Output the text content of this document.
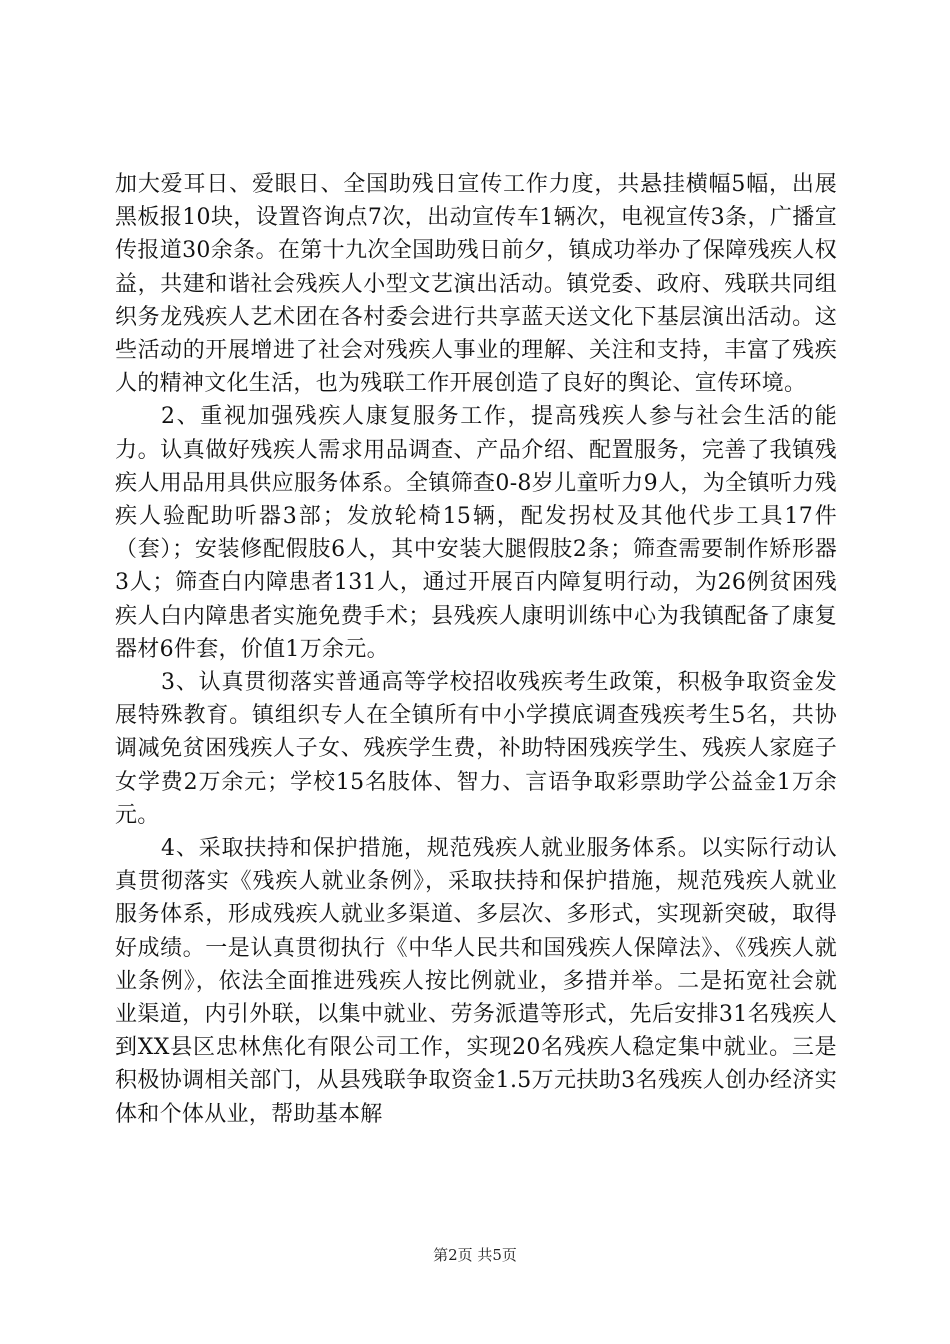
加大爱耳日、爱眼日、全国助残日宣传工作力度，共悬挂横幅5幅，出展黑板报10块，设置咨询点7次，出动宣传车1辆次，电视宣传3条，广播宣传报道30余条。在第十九次全国助残日前夕，镇成功举办了保障残疾人权益，共建和谐社会残疾人小型文艺演出活动。镇党委、政府、残联共同组织务龙残疾人艺术团在各村委会进行共享蓝天送文化下基层演出活动。这些活动的开展增进了社会对残疾人事业的理解、关注和支持，丰富了残疾人的精神文化生活，也为残联工作开展创造了良好的舆论、宣传环境。

2、重视加强残疾人康复服务工作，提高残疾人参与社会生活的能力。认真做好残疾人需求用品调查、产品介绍、配置服务，完善了我镇残疾人用品用具供应服务体系。全镇筛查0-8岁儿童听力9人，为全镇听力残疾人验配助听器3部；发放轮椅15辆，配发拐杖及其他代步工具17件（套）；安装修配假肢6人，其中安装大腿假肢2条；筛查需要制作矫形器3人；筛查白内障患者131人，通过开展百内障复明行动，为26例贫困残疾人白内障患者实施免费手术；县残疾人康明训练中心为我镇配备了康复器材6件套，价值1万余元。

3、认真贯彻落实普通高等学校招收残疾考生政策，积极争取资金发展特殊教育。镇组织专人在全镇所有中小学摸底调查残疾考生5名，共协调减免贫困残疾人子女、残疾学生费，补助特困残疾学生、残疾人家庭子女学费2万余元；学校15名肢体、智力、言语争取彩票助学公益金1万余元。

4、采取扶持和保护措施，规范残疾人就业服务体系。以实际行动认真贯彻落实《残疾人就业条例》，采取扶持和保护措施，规范残疾人就业服务体系，形成残疾人就业多渠道、多层次、多形式，实现新突破，取得好成绩。一是认真贯彻执行《中华人民共和国残疾人保障法》、《残疾人就业条例》，依法全面推进残疾人按比例就业，多措并举。二是拓宽社会就业渠道，内引外联，以集中就业、劳务派遣等形式，先后安排31名残疾人到XX县区忠林焦化有限公司工作，实现20名残疾人稳定集中就业。三是积极协调相关部门，从县残联争取资金1.5万元扶助3名残疾人创办经济实体和个体从业，帮助基本解

第2页 共5页
